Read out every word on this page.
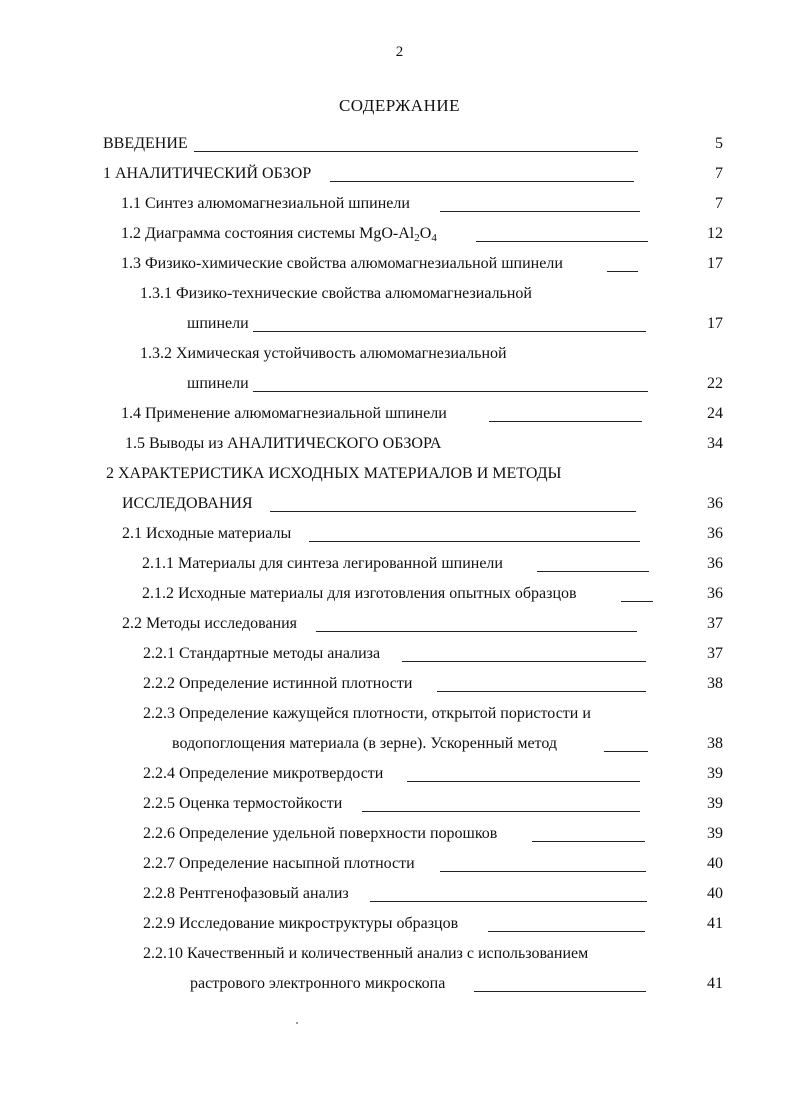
2
СОДЕРЖАНИЕ
ВВЕДЕНИЕ	5
1 АНАЛИТИЧЕСКИЙ ОБЗОР	7
1.1 Синтез алюмомагнезиальной шпинели	7
1.2 Диаграмма состояния системы MgO-$Al_2O_4$	12
1.3 Физико-химические свойства алюмомагнезиальной шпинели	17
1.3.1 Физико-технические свойства алюмомагнезиальной
шпинели	17
1.3.2 Химическая устойчивость алюмомагнезиальной
шпинели	22
1.4 Применение алюмомагнезиальной шпинели	24
1.5 Выводы из АНАЛИТИЧЕСКОГО ОБЗОРА	34
2 ХАРАКТЕРИСТИКА ИСХОДНЫХ МАТЕРИАЛОВ И МЕТОДЫ
ИССЛЕДОВАНИЯ	36
2.1 Исходные материалы	36
2.1.1 Материалы для синтеза легированной шпинели	36
2.1.2 Исходные материалы для изготовления опытных образцов	36
2.2 Методы исследования	37
2.2.1 Стандартные методы анализа	37
2.2.2 Определение истинной плотности	38
2.2.3 Определение кажущейся плотности, открытой пористости и
водопоглощения материала (в зерне). Ускоренный метод	38
2.2.4 Определение микротвердости	39
2.2.5 Оценка термостойкости	39
2.2.6 Определение удельной поверхности порошков	39
2.2.7 Определение насыпной плотности	40
2.2.8 Рентгенофазовый анализ	40
2.2.9 Исследование микроструктуры образцов	41
2.2.10 Качественный и количественный анализ с использованием
растрового электронного микроскопа	41
